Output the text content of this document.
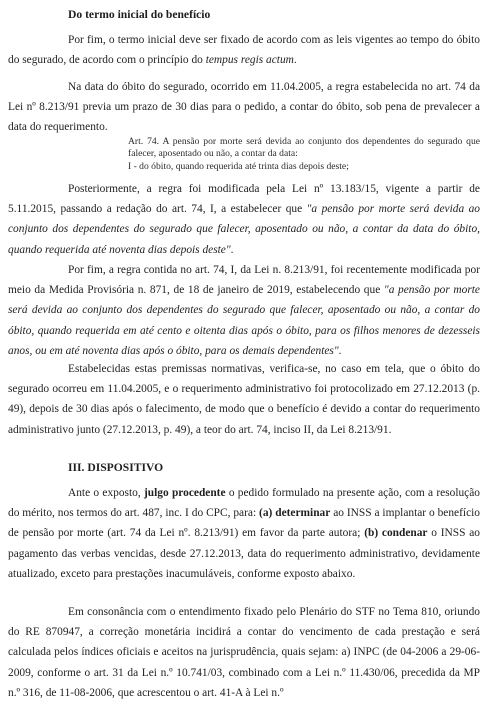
Do termo inicial do benefício
Por fim, o termo inicial deve ser fixado de acordo com as leis vigentes ao tempo do óbito do segurado, de acordo com o princípio do tempus regis actum.
Na data do óbito do segurado, ocorrido em 11.04.2005, a regra estabelecida no art. 74 da Lei nº 8.213/91 previa um prazo de 30 dias para o pedido, a contar do óbito, sob pena de prevalecer a data do requerimento.
Art. 74. A pensão por morte será devida ao conjunto dos dependentes do segurado que falecer, aposentado ou não, a contar da data:
I - do óbito, quando requerida até trinta dias depois deste;
Posteriormente, a regra foi modificada pela Lei nº 13.183/15, vigente a partir de 5.11.2015, passando a redação do art. 74, I, a estabelecer que "a pensão por morte será devida ao conjunto dos dependentes do segurado que falecer, aposentado ou não, a contar da data do óbito, quando requerida até noventa dias depois deste".
Por fim, a regra contida no art. 74, I, da Lei n. 8.213/91, foi recentemente modificada por meio da Medida Provisória n. 871, de 18 de janeiro de 2019, estabelecendo que "a pensão por morte será devida ao conjunto dos dependentes do segurado que falecer, aposentado ou não, a contar do óbito, quando requerida em até cento e oitenta dias após o óbito, para os filhos menores de dezesseis anos, ou em até noventa dias após o óbito, para os demais dependentes".
Estabelecidas estas premissas normativas, verifica-se, no caso em tela, que o óbito do segurado ocorreu em 11.04.2005, e o requerimento administrativo foi protocolizado em 27.12.2013 (p. 49), depois de 30 dias após o falecimento, de modo que o benefício é devido a contar do requerimento administrativo junto (27.12.2013, p. 49), a teor do art. 74, inciso II, da Lei 8.213/91.
III. DISPOSITIVO
Ante o exposto, julgo procedente o pedido formulado na presente ação, com a resolução do mérito, nos termos do art. 487, inc. I do CPC, para: (a) determinar ao INSS a implantar o benefício de pensão por morte (art. 74 da Lei nº. 8.213/91) em favor da parte autora; (b) condenar o INSS ao pagamento das verbas vencidas, desde 27.12.2013, data do requerimento administrativo, devidamente atualizado, exceto para prestações inacumuláveis, conforme exposto abaixo.
Em consonância com o entendimento fixado pelo Plenário do STF no Tema 810, oriundo do RE 870947, a correção monetária incidirá a contar do vencimento de cada prestação e será calculada pelos índices oficiais e aceitos na jurisprudência, quais sejam: a) INPC (de 04-2006 a 29-06-2009, conforme o art. 31 da Lei n.º 10.741/03, combinado com a Lei n.º 11.430/06, precedida da MP n.º 316, de 11-08-2006, que acrescentou o art. 41-A à Lei n.º
